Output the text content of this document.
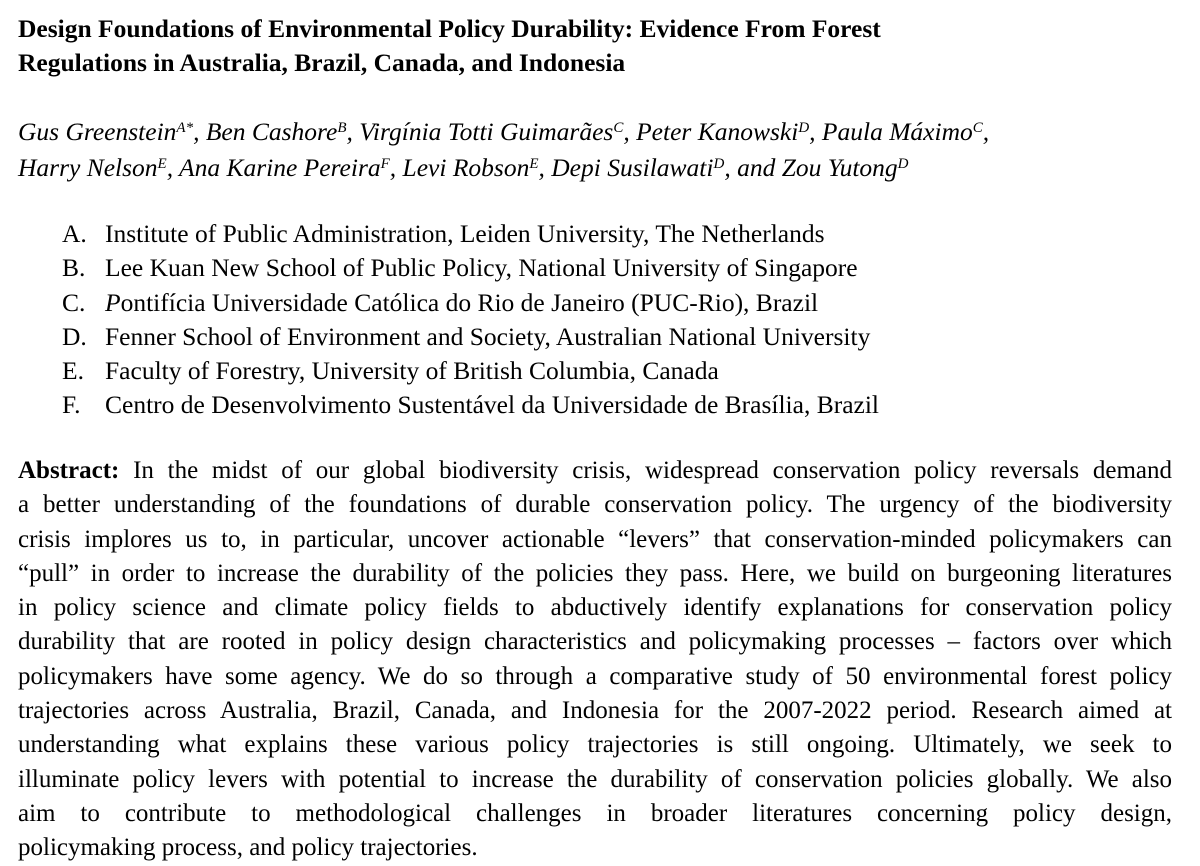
Design Foundations of Environmental Policy Durability: Evidence From Forest
Regulations in Australia, Brazil, Canada, and Indonesia
Gus Greenstein$^{A*}$, Ben Cashore$^B$, Virgínia Totti Guimarães$^C$, Peter Kanowski$^D$, Paula Máximo$^C$,
Harry Nelson$^E$, Ana Karine Pereira$^F$, Levi Robson$^E$, Depi Susilawati$^D$, and Zou Yutong$^D$
A. Institute of Public Administration, Leiden University, The Netherlands
B. Lee Kuan New School of Public Policy, National University of Singapore
C. Pontifícia Universidade Católica do Rio de Janeiro (PUC-Rio), Brazil
D. Fenner School of Environment and Society, Australian National University
E. Faculty of Forestry, University of British Columbia, Canada
F. Centro de Desenvolvimento Sustentável da Universidade de Brasília, Brazil
Abstract: In the midst of our global biodiversity crisis, widespread conservation policy reversals demand
a better understanding of the foundations of durable conservation policy. The urgency of the biodiversity
crisis implores us to, in particular, uncover actionable “levers” that conservation-minded policymakers can
“pull” in order to increase the durability of the policies they pass. Here, we build on burgeoning literatures
in policy science and climate policy fields to abductively identify explanations for conservation policy
durability that are rooted in policy design characteristics and policymaking processes – factors over which
policymakers have some agency. We do so through a comparative study of 50 environmental forest policy
trajectories across Australia, Brazil, Canada, and Indonesia for the 2007-2022 period. Research aimed at
understanding what explains these various policy trajectories is still ongoing. Ultimately, we seek to
illuminate policy levers with potential to increase the durability of conservation policies globally. We also
aim to contribute to methodological challenges in broader literatures concerning policy design,
policymaking process, and policy trajectories.
